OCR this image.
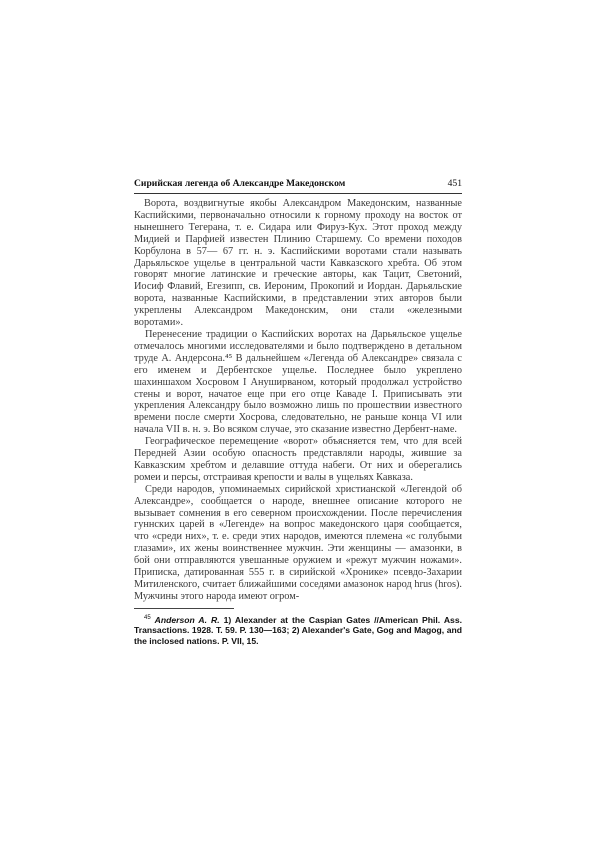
Сирийская легенда об Александре Македонском	451

Ворота, воздвигнутые якобы Александром Македонским, названные Каспийскими, первоначально относили к горному проходу на восток от нынешнего Тегерана, т. е. Сидара или Фируз-Кух. Этот проход между Мидией и Парфией известен Плинию Старшему. Со времени походов Корбулона в 57— 67 гг. н. э. Каспийскими воротами стали называть Дарьяльское ущелье в центральной части Кавказского хребта. Об этом говорят многие латинские и греческие авторы, как Тацит, Светоний, Иосиф Флавий, Егезипп, св. Иероним, Прокопий и Иордан. Дарьяльские ворота, названные Каспийскими, в представлении этих авторов были укреплены Александром Македонским, они стали «железными воротами».

Перенесение традиции о Каспийских воротах на Дарьяльское ущелье отмечалось многими исследователями и было подтверждено в детальном труде А. Андерсона.⁴⁵ В дальнейшем «Легенда об Александре» связала с его именем и Дербентское ущелье. Последнее было укреплено шахиншахом Хосровом I Ануширваном, который продолжал устройство стены и ворот, начатое еще при его отце Кавадe I. Приписывать эти укрепления Александру было возможно лишь по прошествии известного времени после смерти Хосрова, следовательно, не раньше конца VI или начала VII в. н. э. Во всяком случае, это сказание известно Дербент-наме.

Географическое перемещение «ворот» объясняется тем, что для всей Передней Азии особую опасность представляли народы, жившие за Кавказским хребтом и делавшие оттуда набеги. От них и оберегались ромеи и персы, отстраивая крепости и валы в ущельях Кавказа.

Среди народов, упоминаемых сирийской христианской «Легендой об Александре», сообщается о народе, внешнее описание которого не вызывает сомнения в его северном происхождении. После перечисления гуннских царей в «Легенде» на вопрос македонского царя сообщается, что «среди них», т. е. среди этих народов, имеются племена «с голубыми глазами», их жены воинственнее мужчин. Эти женщины — амазонки, в бой они отправляются увешанные оружием и «режут мужчин ножами». Приписка, датированная 555 г. в сирийской «Хронике» псевдо-Захарии Митиленского, считает ближайшими соседями амазонок народ hrus (hros). Мужчины этого народа имеют огром-

$^{45}$ Anderson A. R. 1) Alexander at the Caspian Gates //American Phil. Ass. Transactions. 1928. T. 59. P. 130—163; 2) Alexander's Gate, Gog and Magog, and the inclosed nations. P. VII, 15.
